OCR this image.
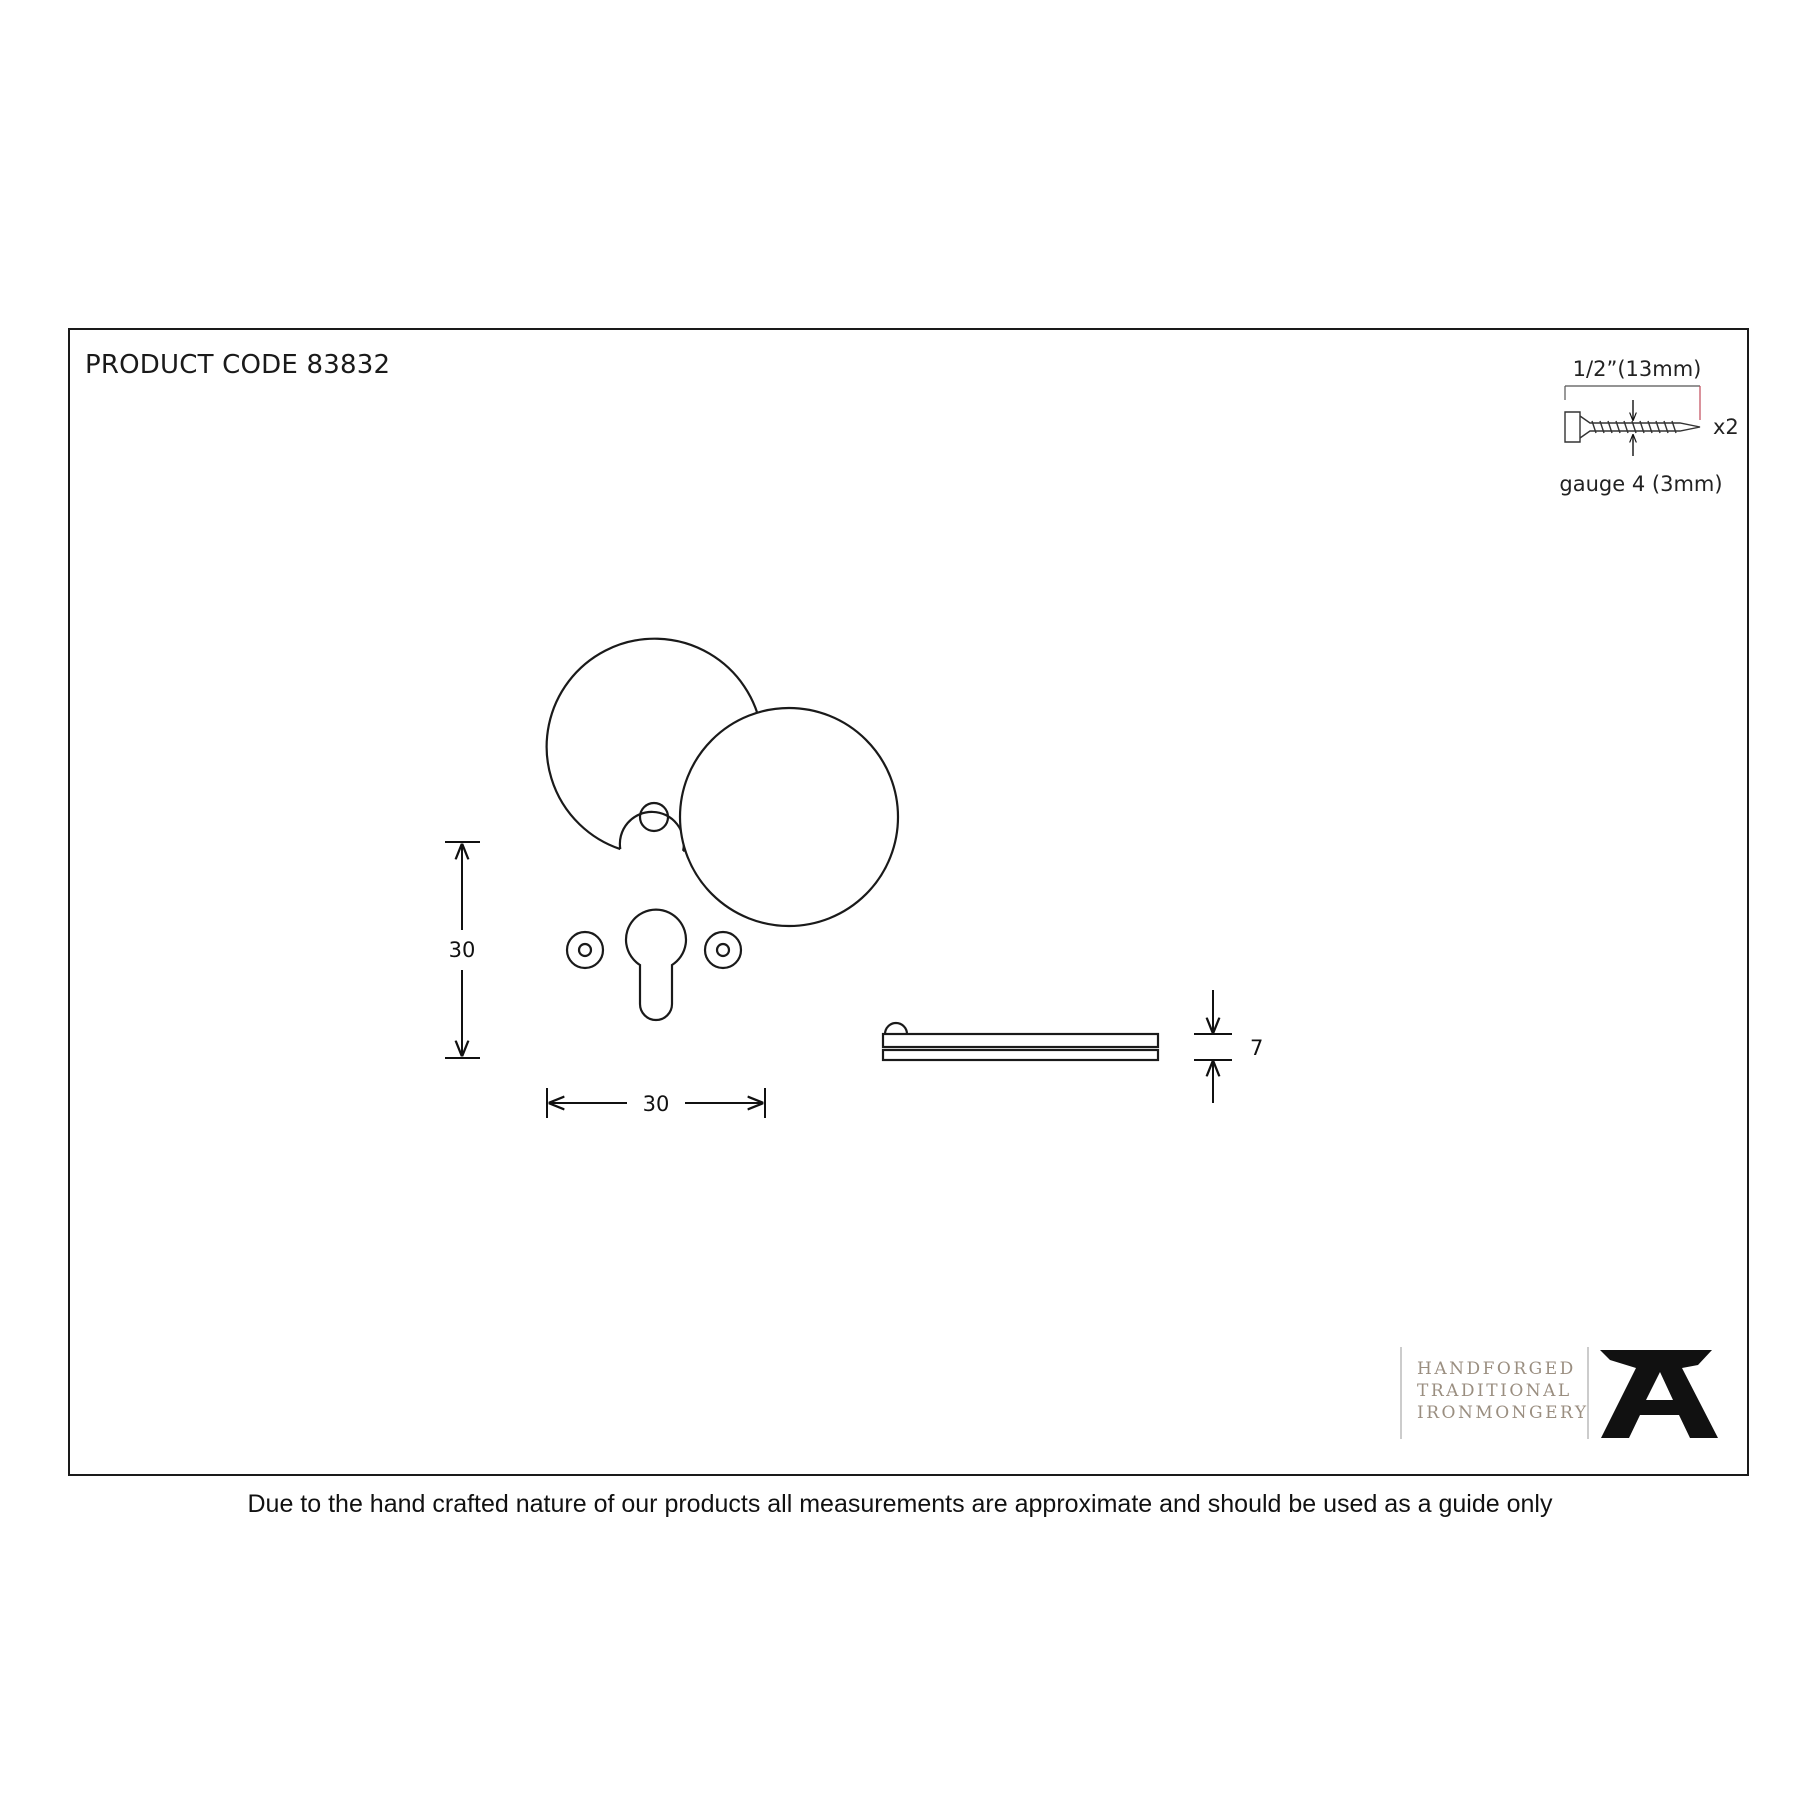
PRODUCT CODE 83832
30
30
7
1/2”(13mm)
x2
gauge 4 (3mm)
HANDFORGED
TRADITIONAL
IRONMONGERY
Due to the hand crafted nature of our products all measurements are approximate and should be used as a guide only
